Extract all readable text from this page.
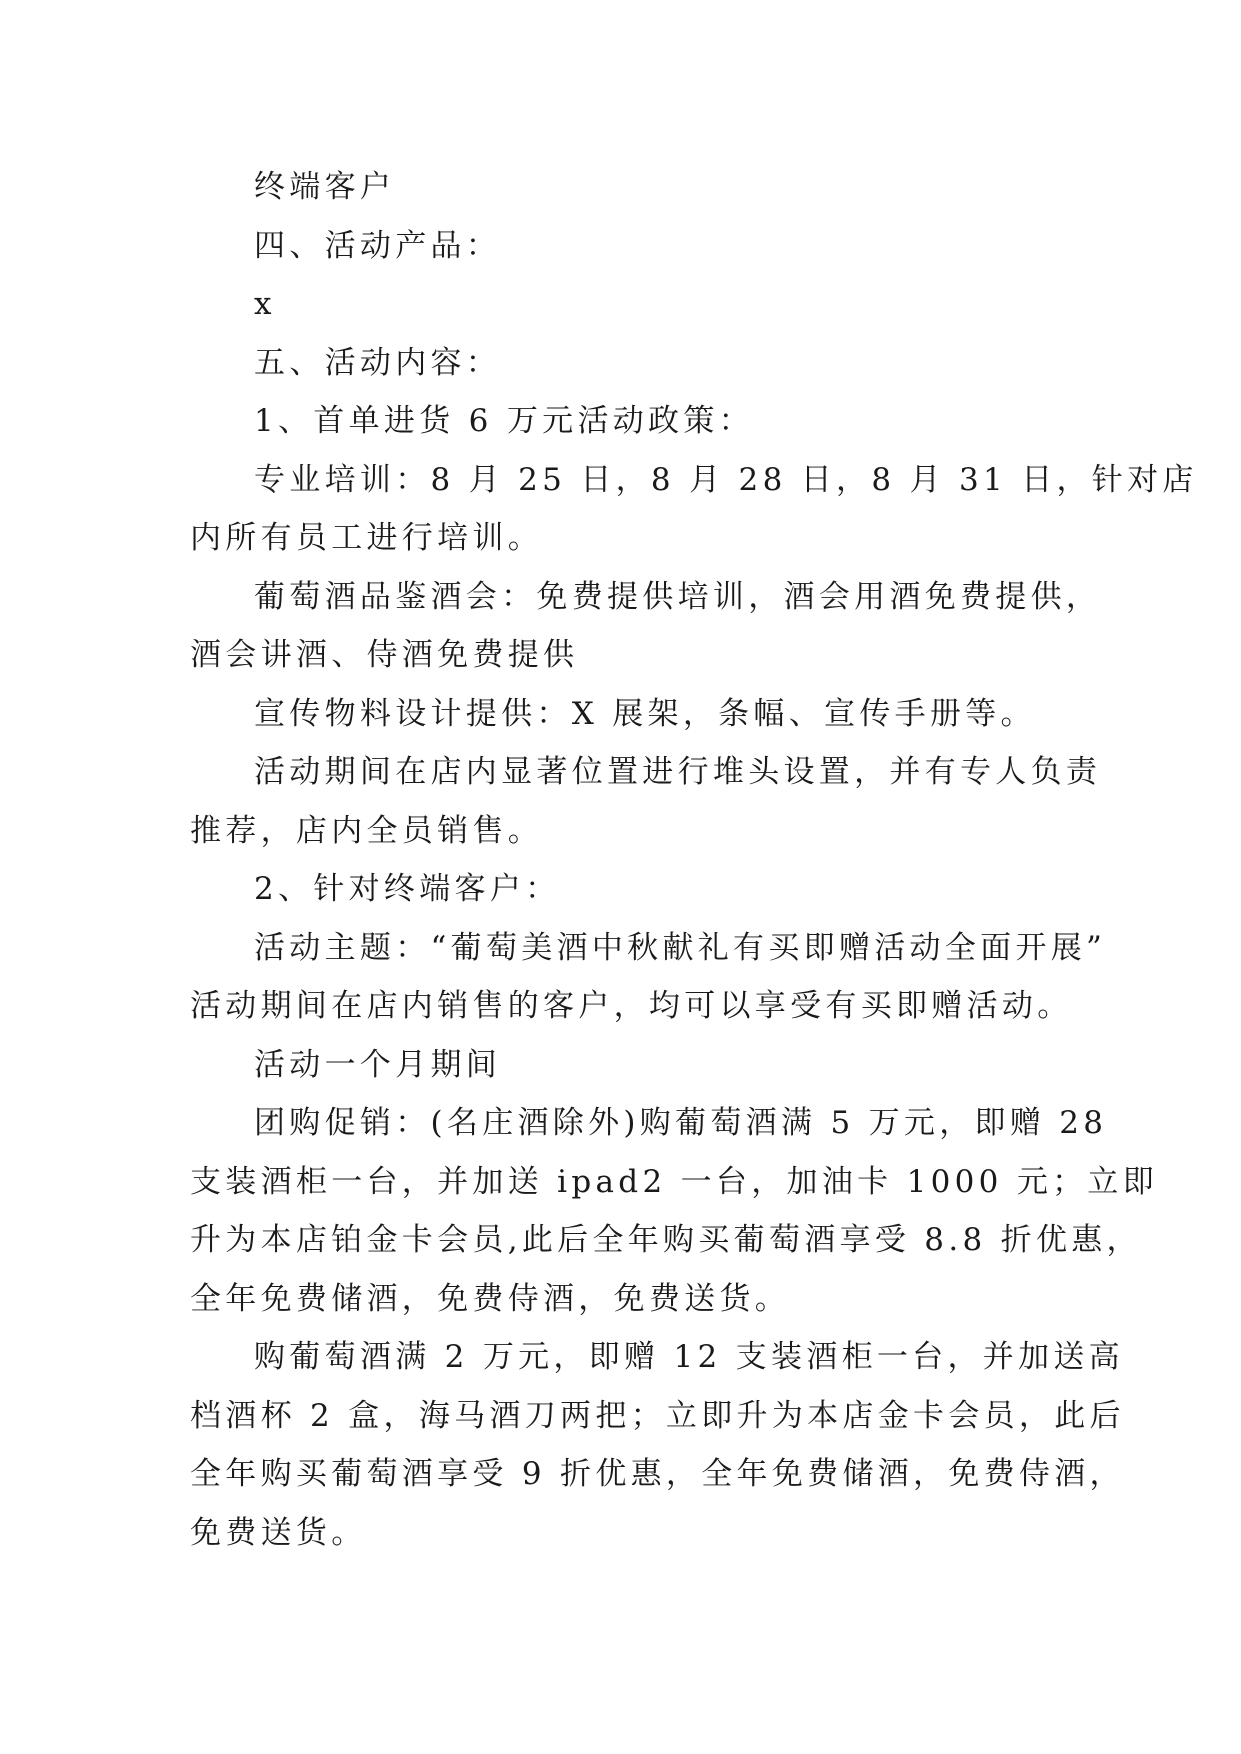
终端客户

四、活动产品：

x

五、活动内容：

1、首单进货 6 万元活动政策：

专业培训：8 月 25 日，8 月 28 日，8 月 31 日，针对店

内所有员工进行培训。

葡萄酒品鉴酒会：免费提供培训，酒会用酒免费提供，

酒会讲酒、侍酒免费提供

宣传物料设计提供：X 展架，条幅、宣传手册等。

活动期间在店内显著位置进行堆头设置，并有专人负责

推荐，店内全员销售。

2、针对终端客户：

活动主题：“葡萄美酒中秋献礼有买即赠活动全面开展”

活动期间在店内销售的客户，均可以享受有买即赠活动。

活动一个月期间

团购促销：(名庄酒除外)购葡萄酒满 5 万元，即赠 28

支装酒柜一台，并加送 ipad2 一台，加油卡 1000 元；立即

升为本店铂金卡会员,此后全年购买葡萄酒享受 8.8 折优惠，

全年免费储酒，免费侍酒，免费送货。

购葡萄酒满 2 万元，即赠 12 支装酒柜一台，并加送高

档酒杯 2 盒，海马酒刀两把；立即升为本店金卡会员，此后

全年购买葡萄酒享受 9 折优惠，全年免费储酒，免费侍酒，

免费送货。
